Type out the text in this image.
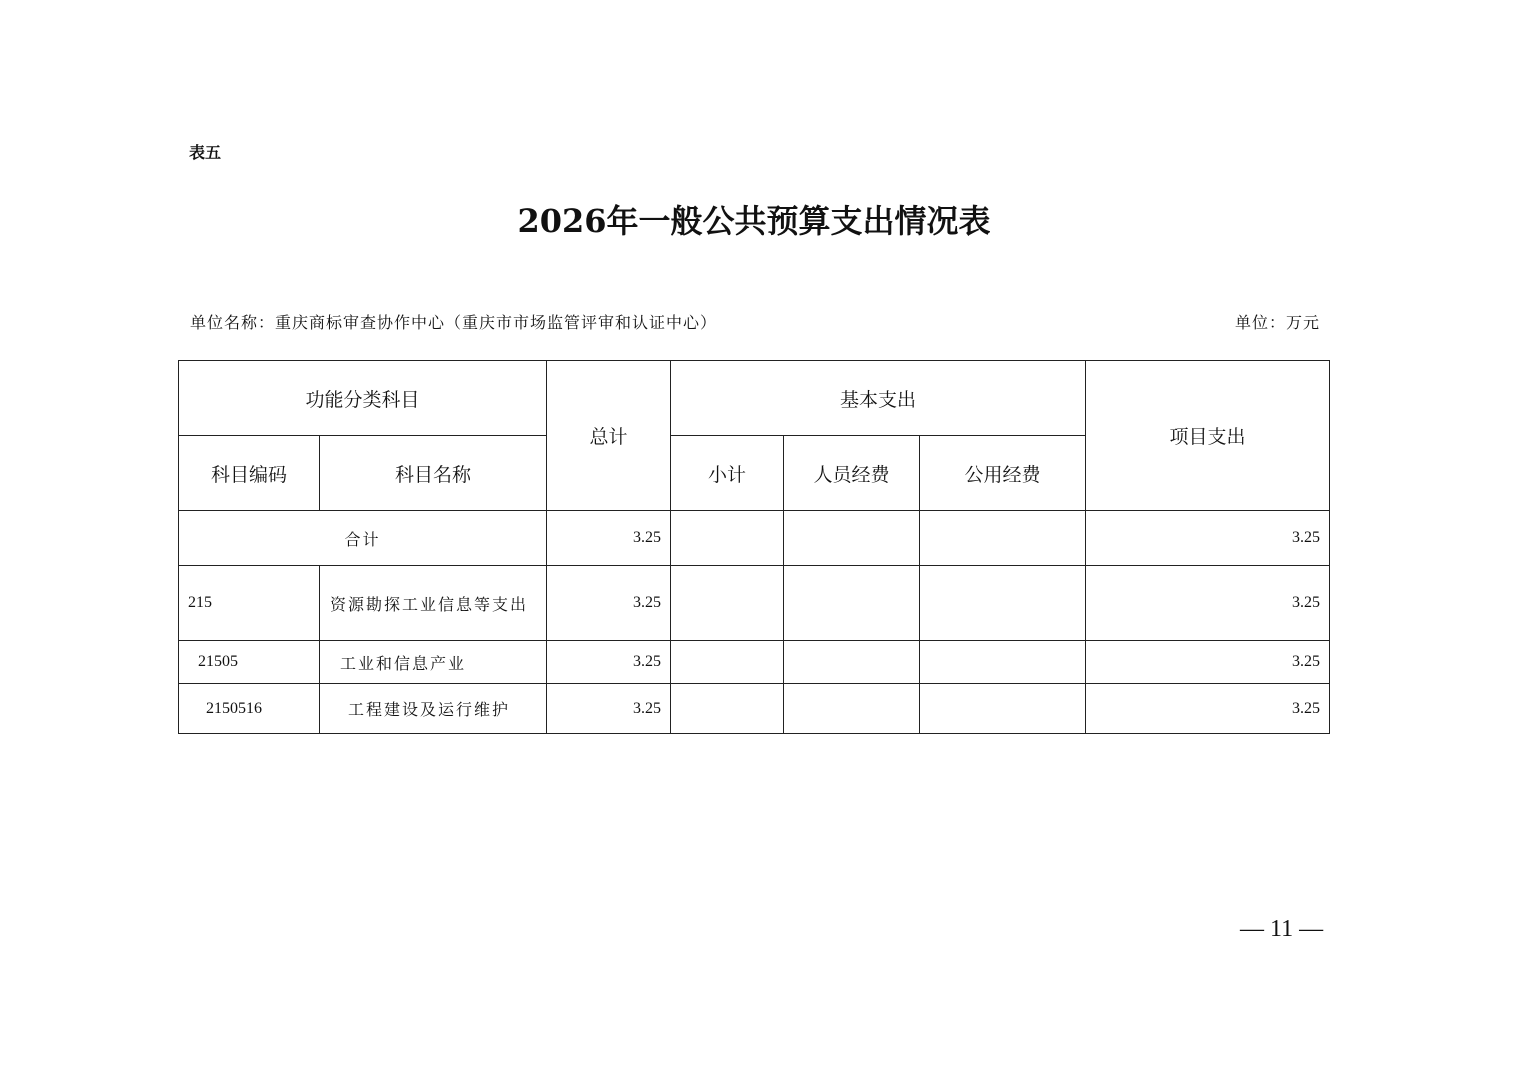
表五
2026年一般公共预算支出情况表
单位名称：重庆商标审查协作中心（重庆市市场监管评审和认证中心）	单位：万元
功能分类科目		总计	基本支出			项目支出
科目编码	科目名称		小计	人员经费	公用经费	
合计		3.25				3.25
215	资源勘探工业信息等支出	3.25				3.25
21505	工业和信息产业	3.25				3.25
2150516	工程建设及运行维护	3.25				3.25
— 11 —
